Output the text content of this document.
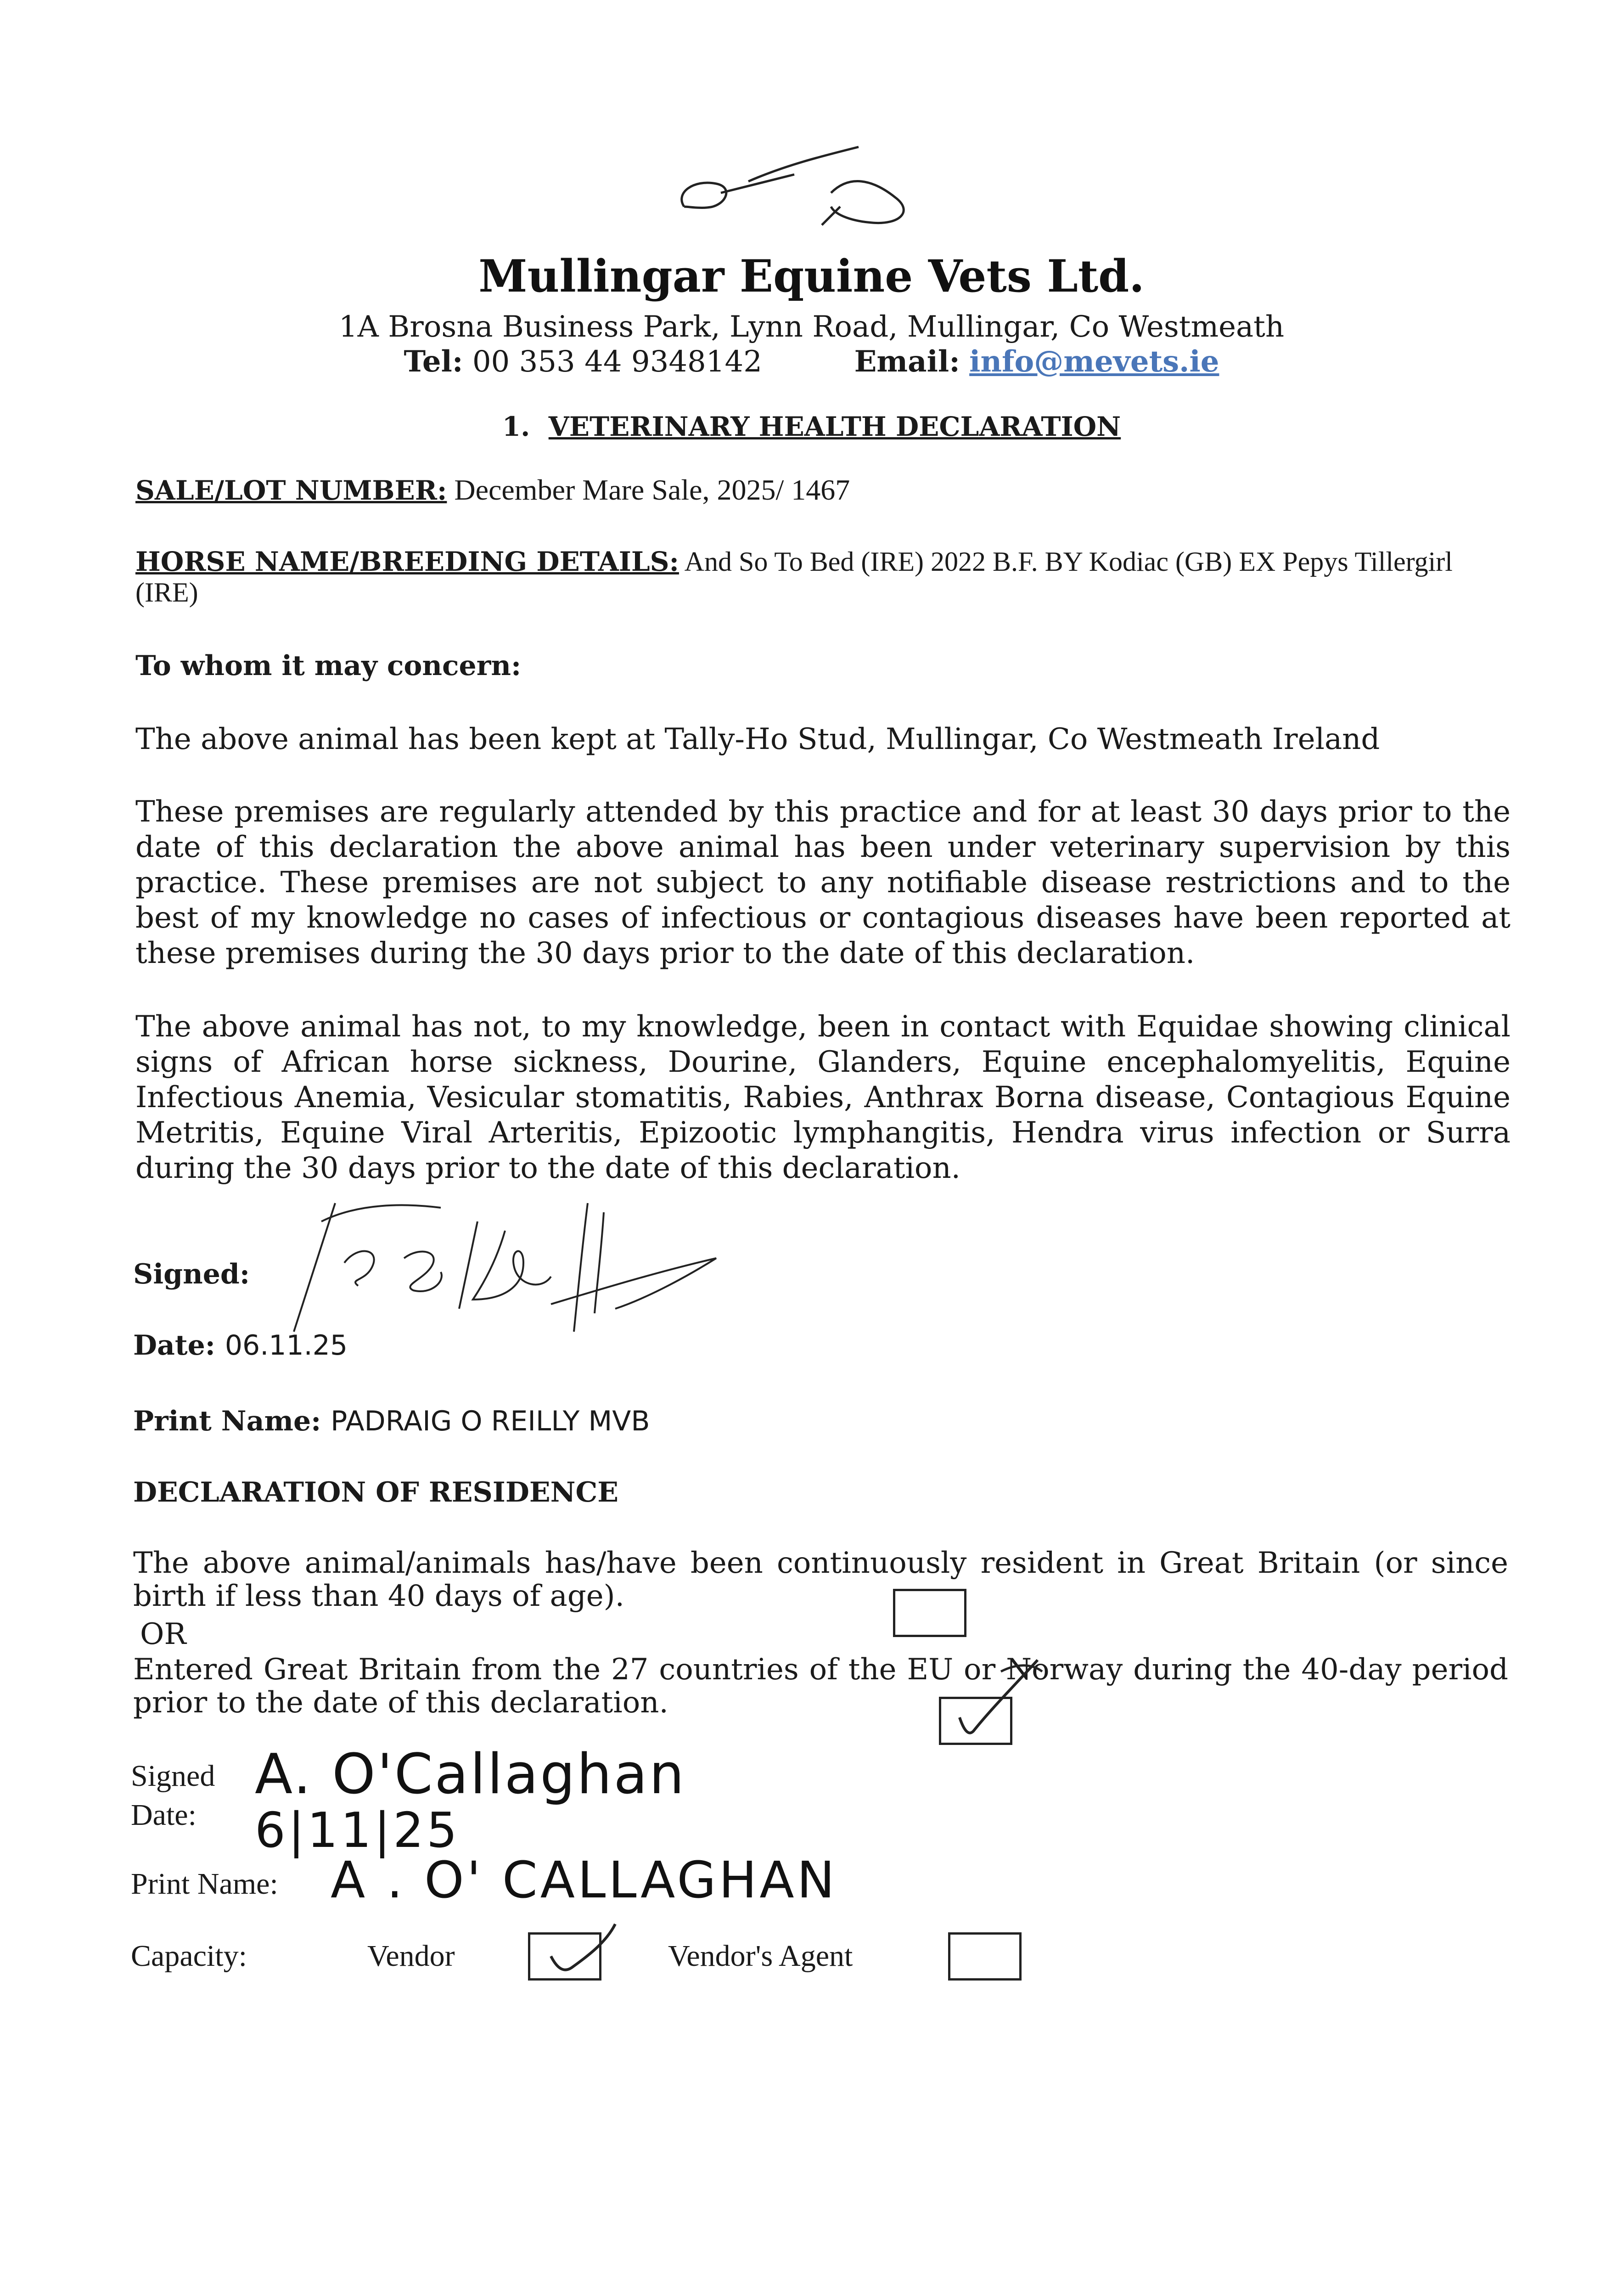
Mullingar Equine Vets Ltd.
1A Brosna Business Park, Lynn Road, Mullingar, Co Westmeath
Tel: 00 353 44 9348142	Email: info@mevets.ie
1. VETERINARY HEALTH DECLARATION
SALE/LOT NUMBER: December Mare Sale, 2025/ 1467
HORSE NAME/BREEDING DETAILS: And So To Bed (IRE) 2022 B.F. BY Kodiac (GB) EX Pepys Tillergirl (IRE)
To whom it may concern:
The above animal has been kept at Tally-Ho Stud, Mullingar, Co Westmeath Ireland
These premises are regularly attended by this practice and for at least 30 days prior to the date of this declaration the above animal has been under veterinary supervision by this practice. These premises are not subject to any notifiable disease restrictions and to the best of my knowledge no cases of infectious or contagious diseases have been reported at these premises during the 30 days prior to the date of this declaration.
The above animal has not, to my knowledge, been in contact with Equidae showing clinical signs of African horse sickness, Dourine, Glanders, Equine encephalomyelitis, Equine Infectious Anemia, Vesicular stomatitis, Rabies, Anthrax Borna disease, Contagious Equine Metritis, Equine Viral Arteritis, Epizootic lymphangitis, Hendra virus infection or Surra during the 30 days prior to the date of this declaration.
Signed:
Date: 06.11.25
Print Name: PADRAIG O REILLY MVB
DECLARATION OF RESIDENCE
The above animal/animals has/have been continuously resident in Great Britain (or since birth if less than 40 days of age).
OR
Entered Great Britain from the 27 countries of the EU or Norway during the 40-day period prior to the date of this declaration.
Signed A. O'Callaghan
Date: 6|11|25
Print Name: A . O' CALLAGHAN
Capacity:	Vendor	Vendor's Agent
